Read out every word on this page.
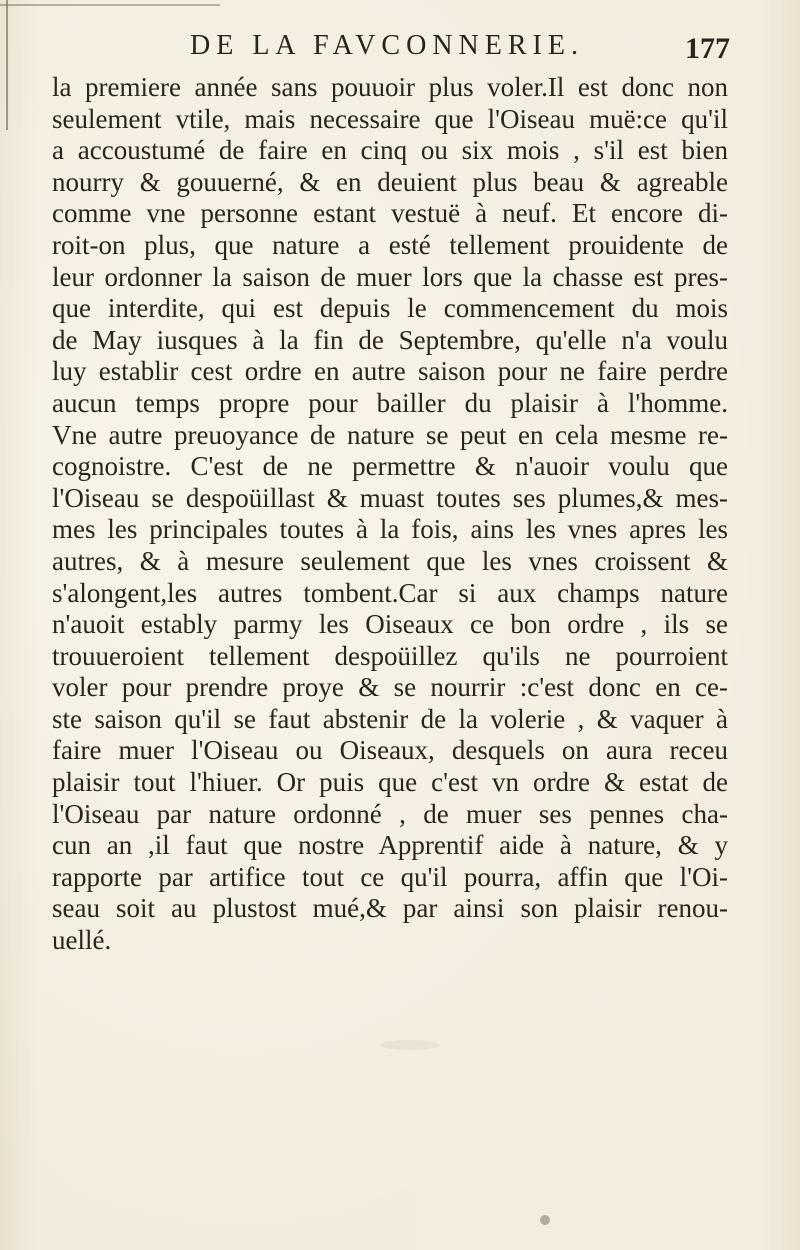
DE LA FAVCONNERIE.	177
la premiere année sans pouuoir plus voler.Il est donc non
seulement vtile, mais necessaire que l'Oiseau muë:ce qu'il
a accoustumé de faire en cinq ou six mois , s'il est bien
nourry & gouuerné, & en deuient plus beau & agreable
comme vne personne estant vestuë à neuf. Et encore di-
roit-on plus, que nature a esté tellement prouidente de
leur ordonner la saison de muer lors que la chasse est pres-
que interdite, qui est depuis le commencement du mois
de May iusques à la fin de Septembre, qu'elle n'a voulu
luy establir cest ordre en autre saison pour ne faire perdre
aucun temps propre pour bailler du plaisir à l'homme.
Vne autre preuoyance de nature se peut en cela mesme re-
cognoistre. C'est de ne permettre & n'auoir voulu que
l'Oiseau se despoüillast & muast toutes ses plumes,& mes-
mes les principales toutes à la fois, ains les vnes apres les
autres, & à mesure seulement que les vnes croissent &
s'alongent,les autres tombent.Car si aux champs nature
n'auoit estably parmy les Oiseaux ce bon ordre , ils se
trouueroient tellement despoüillez qu'ils ne pourroient
voler pour prendre proye & se nourrir :c'est donc en ce-
ste saison qu'il se faut abstenir de la volerie , & vaquer à
faire muer l'Oiseau ou Oiseaux, desquels on aura receu
plaisir tout l'hiuer. Or puis que c'est vn ordre & estat de
l'Oiseau par nature ordonné , de muer ses pennes cha-
cun an ,il faut que nostre Apprentif aide à nature, & y
rapporte par artifice tout ce qu'il pourra, affin que l'Oi-
seau soit au plustost mué,& par ainsi son plaisir renou-
uellé.
